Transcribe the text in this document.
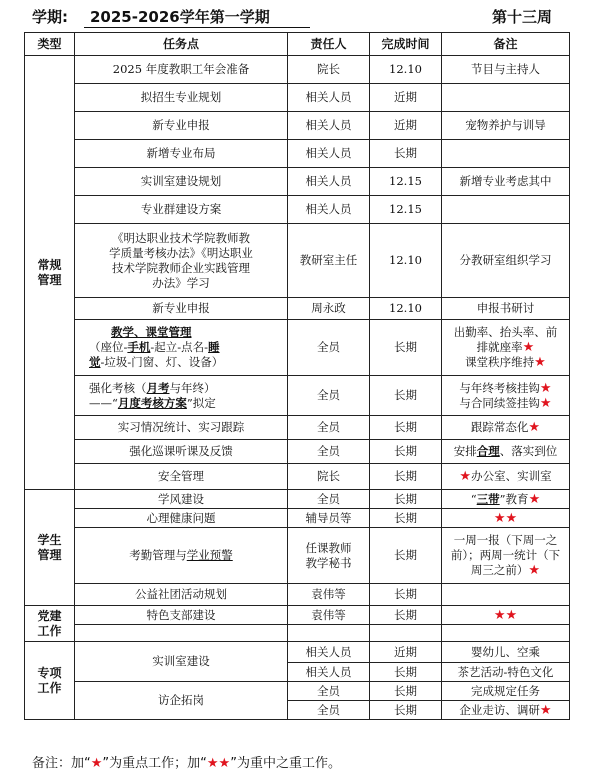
学期:	2025-2026学年第一学期	第十三周
类型	任务点	责任人	完成时间	备注
常规
管理	2025 年度教职工年会准备	院长	12.10	节目与主持人
	拟招生专业规划	相关人员	近期	
	新专业申报	相关人员	近期	宠物养护与训导
	新增专业布局	相关人员	长期	
	实训室建设规划	相关人员	12.15	新增专业考虑其中
	专业群建设方案	相关人员	12.15	
	《明达职业技术学院教师教
学质量考核办法》《明达职业
技术学院教师企业实践管理
办法》学习	教研室主任	12.10	分教研室组织学习
	新专业申报	周永政	12.10	申报书研讨
	教学、课堂管理
（座位-手机-起立-点名-睡
觉-垃圾-门窗、灯、设备）	全员	长期	出勤率、抬头率、前
排就座率★
课堂秩序维持★
	强化考核（月考与年终）
——“月度考核方案”拟定	全员	长期	与年终考核挂钩★
与合同续签挂钩★
	实习情况统计、实习跟踪	全员	长期	跟踪常态化★
	强化巡课听课及反馈	全员	长期	安排合理、落实到位
	安全管理	院长	长期	★办公室、实训室
学生
管理	学风建设	全员	长期	“三带”教育★
	心理健康问题	辅导员等	长期	★★
	考勤管理与学业预警	任课教师
教学秘书	长期	一周一报（下周一之
前）；两周一统计（下
周三之前）★
	公益社团活动规划	袁伟等	长期	
党建
工作	特色支部建设	袁伟等	长期	★★

专项
工作	实训室建设	相关人员	近期	婴幼儿、空乘
		相关人员	长期	茶艺活动-特色文化
	访企拓岗	全员	长期	完成规定任务
		全员	长期	企业走访、调研★
备注：加“★”为重点工作；加“★★”为重中之重工作。
